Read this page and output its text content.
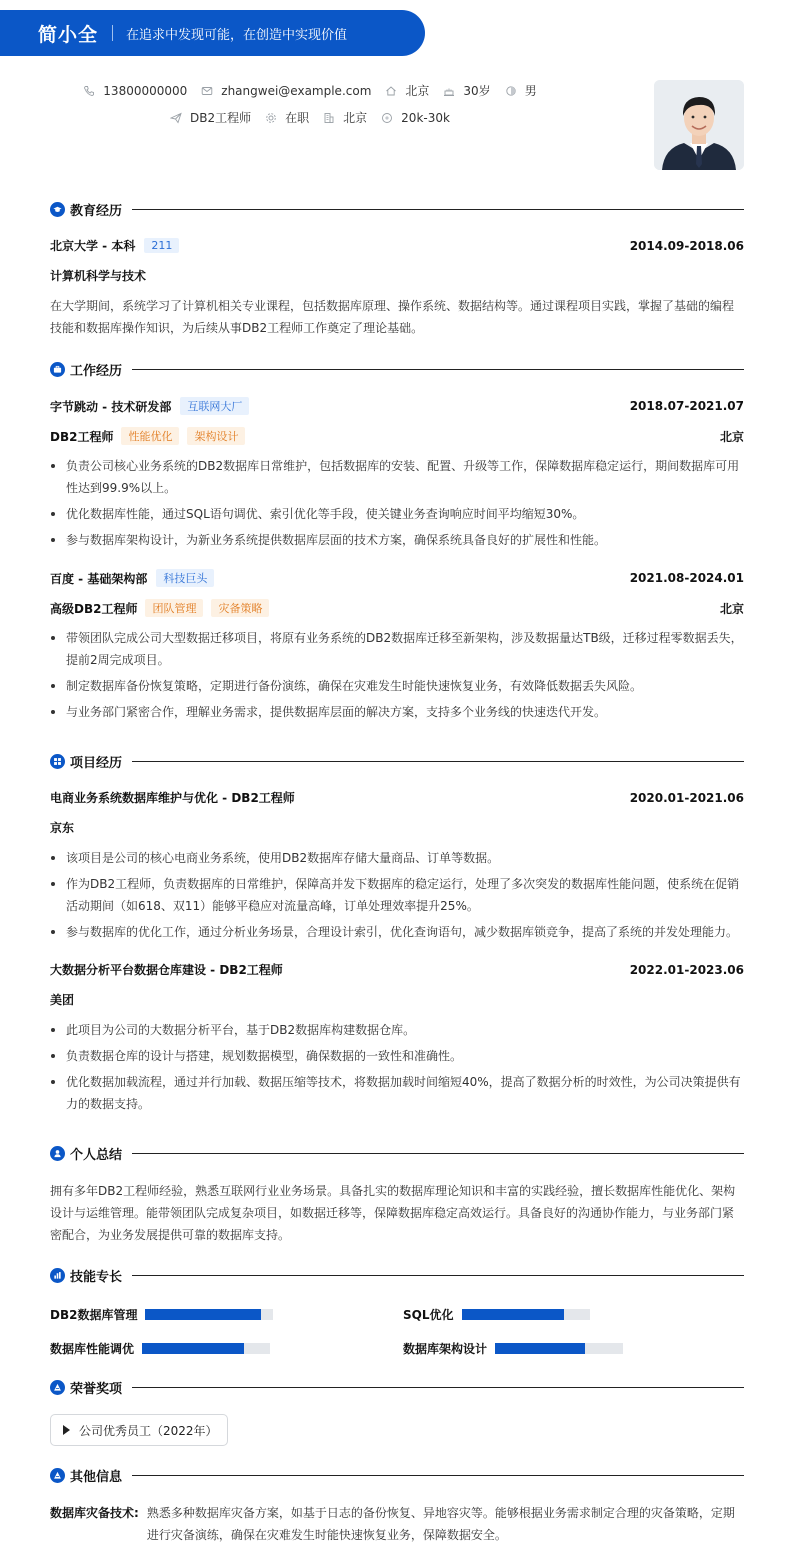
简小全 在追求中发现可能，在创造中实现价值
13800000000	zhangwei@example.com	北京	30岁	男
DB2工程师	在职	北京	20k-30k
教育经历
北京大学 - 本科	211	2014.09-2018.06
计算机科学与技术
在大学期间，系统学习了计算机相关专业课程，包括数据库原理、操作系统、数据结构等。通过课程项目实践，掌握了基础的编程技能和数据库操作知识，为后续从事DB2工程师工作奠定了理论基础。
工作经历
字节跳动 - 技术研发部	互联网大厂	2018.07-2021.07
DB2工程师	性能优化	架构设计	北京
负责公司核心业务系统的DB2数据库日常维护，包括数据库的安装、配置、升级等工作，保障数据库稳定运行，期间数据库可用性达到99.9%以上。
优化数据库性能，通过SQL语句调优、索引优化等手段，使关键业务查询响应时间平均缩短30%。
参与数据库架构设计，为新业务系统提供数据库层面的技术方案，确保系统具备良好的扩展性和性能。
百度 - 基础架构部	科技巨头	2021.08-2024.01
高级DB2工程师	团队管理	灾备策略	北京
带领团队完成公司大型数据迁移项目，将原有业务系统的DB2数据库迁移至新架构，涉及数据量达TB级，迁移过程零数据丢失，提前2周完成项目。
制定数据库备份恢复策略，定期进行备份演练，确保在灾难发生时能快速恢复业务，有效降低数据丢失风险。
与业务部门紧密合作，理解业务需求，提供数据库层面的解决方案，支持多个业务线的快速迭代开发。
项目经历
电商业务系统数据库维护与优化 - DB2工程师	2020.01-2021.06
京东
该项目是公司的核心电商业务系统，使用DB2数据库存储大量商品、订单等数据。
作为DB2工程师，负责数据库的日常维护，保障高并发下数据库的稳定运行，处理了多次突发的数据库性能问题，使系统在促销活动期间（如618、双11）能够平稳应对流量高峰，订单处理效率提升25%。
参与数据库的优化工作，通过分析业务场景，合理设计索引，优化查询语句，减少数据库锁竞争，提高了系统的并发处理能力。
大数据分析平台数据仓库建设 - DB2工程师	2022.01-2023.06
美团
此项目为公司的大数据分析平台，基于DB2数据库构建数据仓库。
负责数据仓库的设计与搭建，规划数据模型，确保数据的一致性和准确性。
优化数据加载流程，通过并行加载、数据压缩等技术，将数据加载时间缩短40%，提高了数据分析的时效性，为公司决策提供有力的数据支持。
个人总结
拥有多年DB2工程师经验，熟悉互联网行业业务场景。具备扎实的数据库理论知识和丰富的实践经验，擅长数据库性能优化、架构设计与运维管理。能带领团队完成复杂项目，如数据迁移等，保障数据库稳定高效运行。具备良好的沟通协作能力，与业务部门紧密配合，为业务发展提供可靠的数据库支持。
技能专长
DB2数据库管理	SQL优化
数据库性能调优	数据库架构设计
荣誉奖项
公司优秀员工（2022年）
其他信息
数据库灾备技术: 熟悉多种数据库灾备方案，如基于日志的备份恢复、异地容灾等。能够根据业务需求制定合理的灾备策略，定期进行灾备演练，确保在灾难发生时能快速恢复业务，保障数据安全。
